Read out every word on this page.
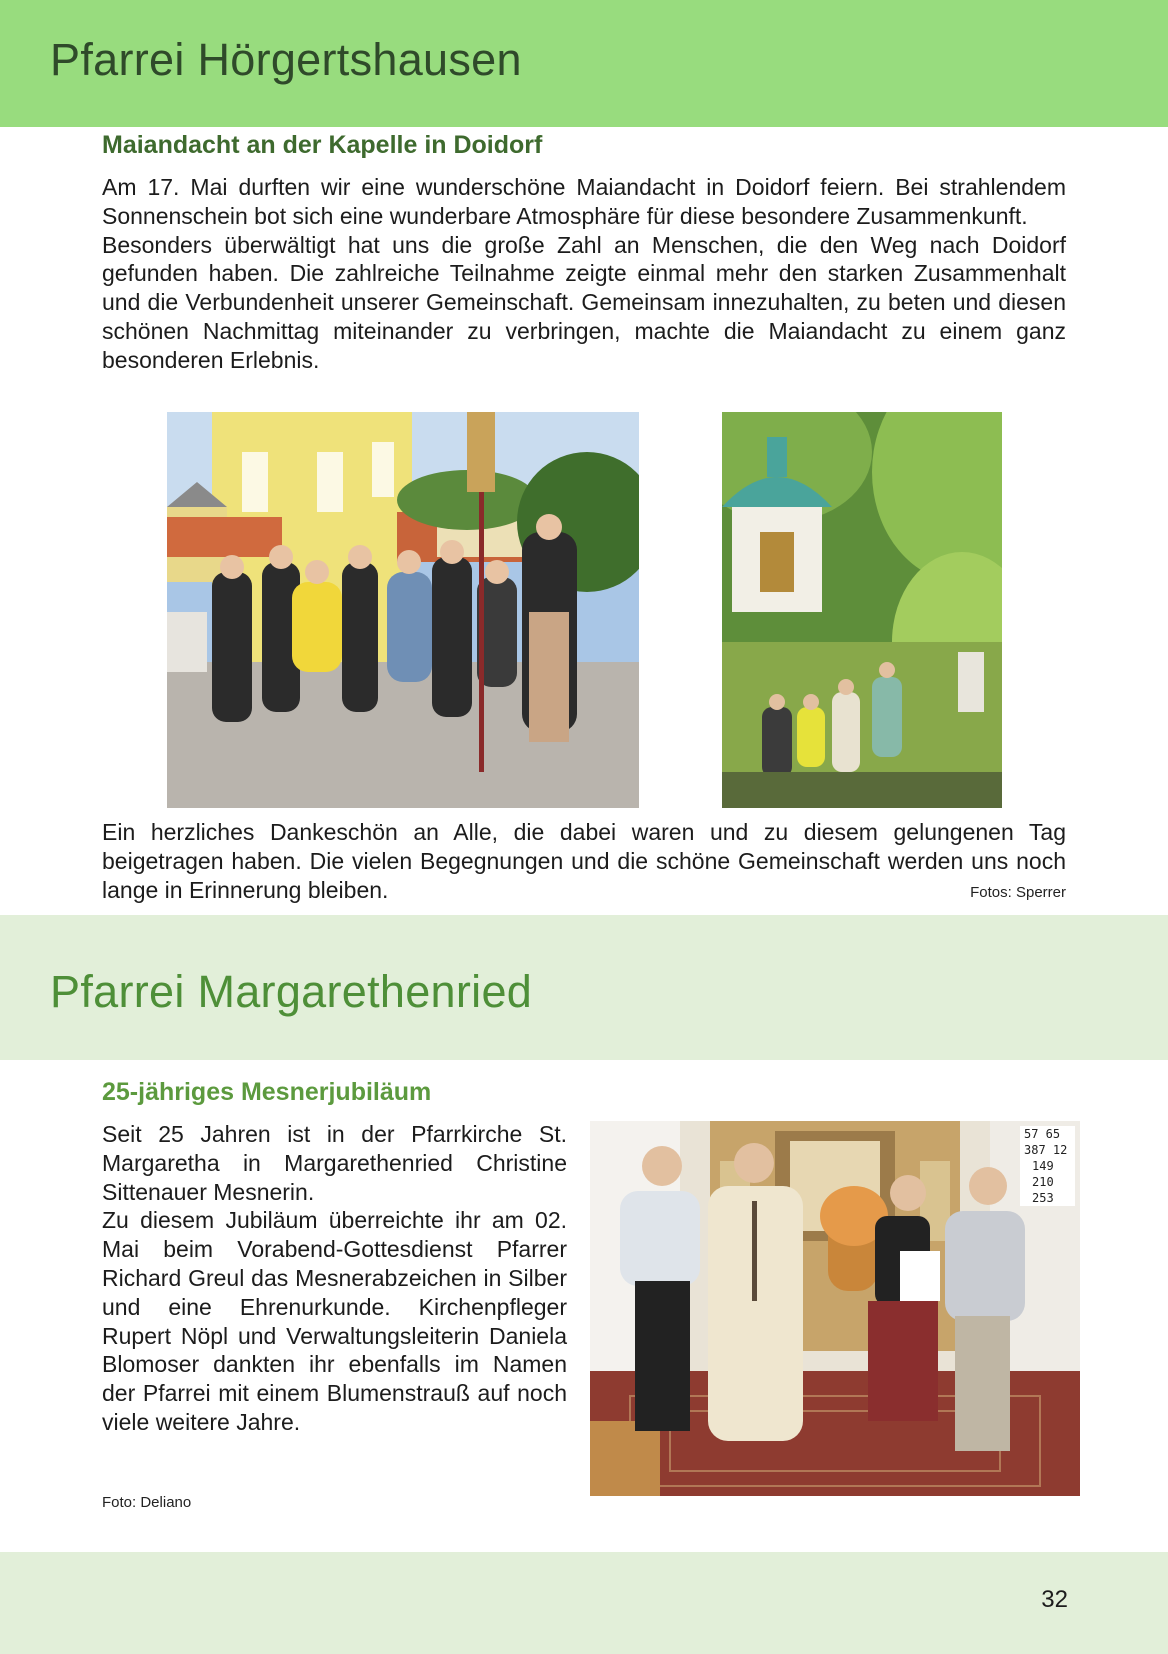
Pfarrei Hörgertshausen
Maiandacht an der Kapelle in Doidorf

Am 17. Mai durften wir eine wunderschöne Maiandacht in Doidorf feiern. Bei strahlendem Sonnenschein bot sich eine wunderbare Atmosphäre für diese besondere Zusammenkunft.

Besonders überwältigt hat uns die große Zahl an Menschen, die den Weg nach Doidorf gefunden haben. Die zahlreiche Teilnahme zeigte einmal mehr den starken Zusammenhalt und die Verbundenheit unserer Gemeinschaft. Gemeinsam innezuhalten, zu beten und diesen schönen Nachmittag miteinander zu verbringen, machte die Maiandacht zu einem ganz besonderen Erlebnis.

Ein herzliches Dankeschön an Alle, die dabei waren und zu diesem gelungenen Tag beigetragen haben. Die vielen Begegnungen und die schöne Gemeinschaft werden uns noch lange in Erinnerung bleiben.	Fotos: Sperrer
Pfarrei Margarethenried
25-jähriges Mesnerjubiläum

Seit 25 Jahren ist in der Pfarrkirche St. Margaretha in Margarethenried Christine Sittenauer Mesnerin.

Zu diesem Jubiläum überreichte ihr am 02. Mai beim Vorabend-Gottesdienst Pfarrer Richard Greul das Mesnerabzeichen in Silber und eine Ehrenurkunde. Kirchenpfleger Rupert Nöpl und Verwaltungsleiterin Daniela Blomoser dankten ihr ebenfalls im Namen der Pfarrei mit einem Blumenstrauß auf noch viele weitere Jahre.

57 65
387 12
149
210
253
Foto: Deliano
32
